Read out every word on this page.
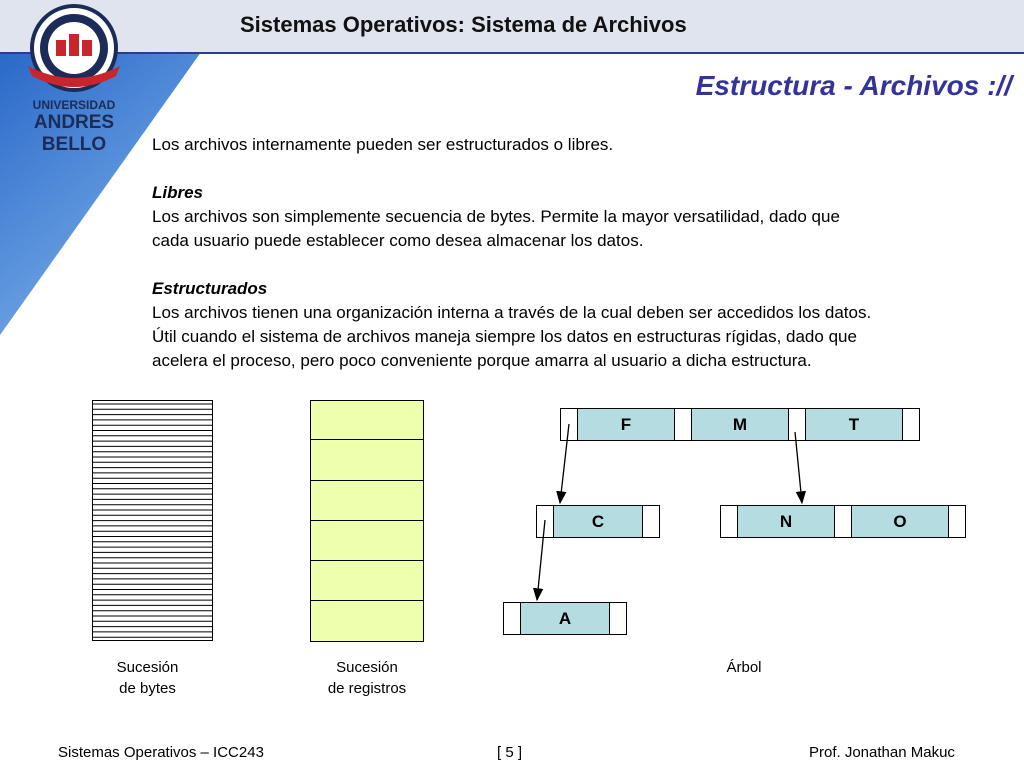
Sistemas Operativos: Sistema de Archivos
UNIVERSIDAD
ANDRES BELLO
Estructura - Archivos ://

Los archivos internamente pueden ser estructurados o libres.

Libres

Los archivos son simplemente secuencia de bytes. Permite la mayor versatilidad, dado que

cada usuario puede establecer como desea almacenar los datos.

Estructurados

Los archivos tienen una organización interna a través de la cual deben ser accedidos los datos.

Útil cuando el sistema de archivos maneja siempre los datos en estructuras rígidas, dado que

acelera el proceso, pero poco conveniente porque amarra al usuario a dicha estructura.

F	M	T
C	N	O
A
Sucesión
de bytes
Sucesión
de registros
Árbol
Sistemas Operativos – ICC243	[ 5 ]	Prof. Jonathan Makuc
